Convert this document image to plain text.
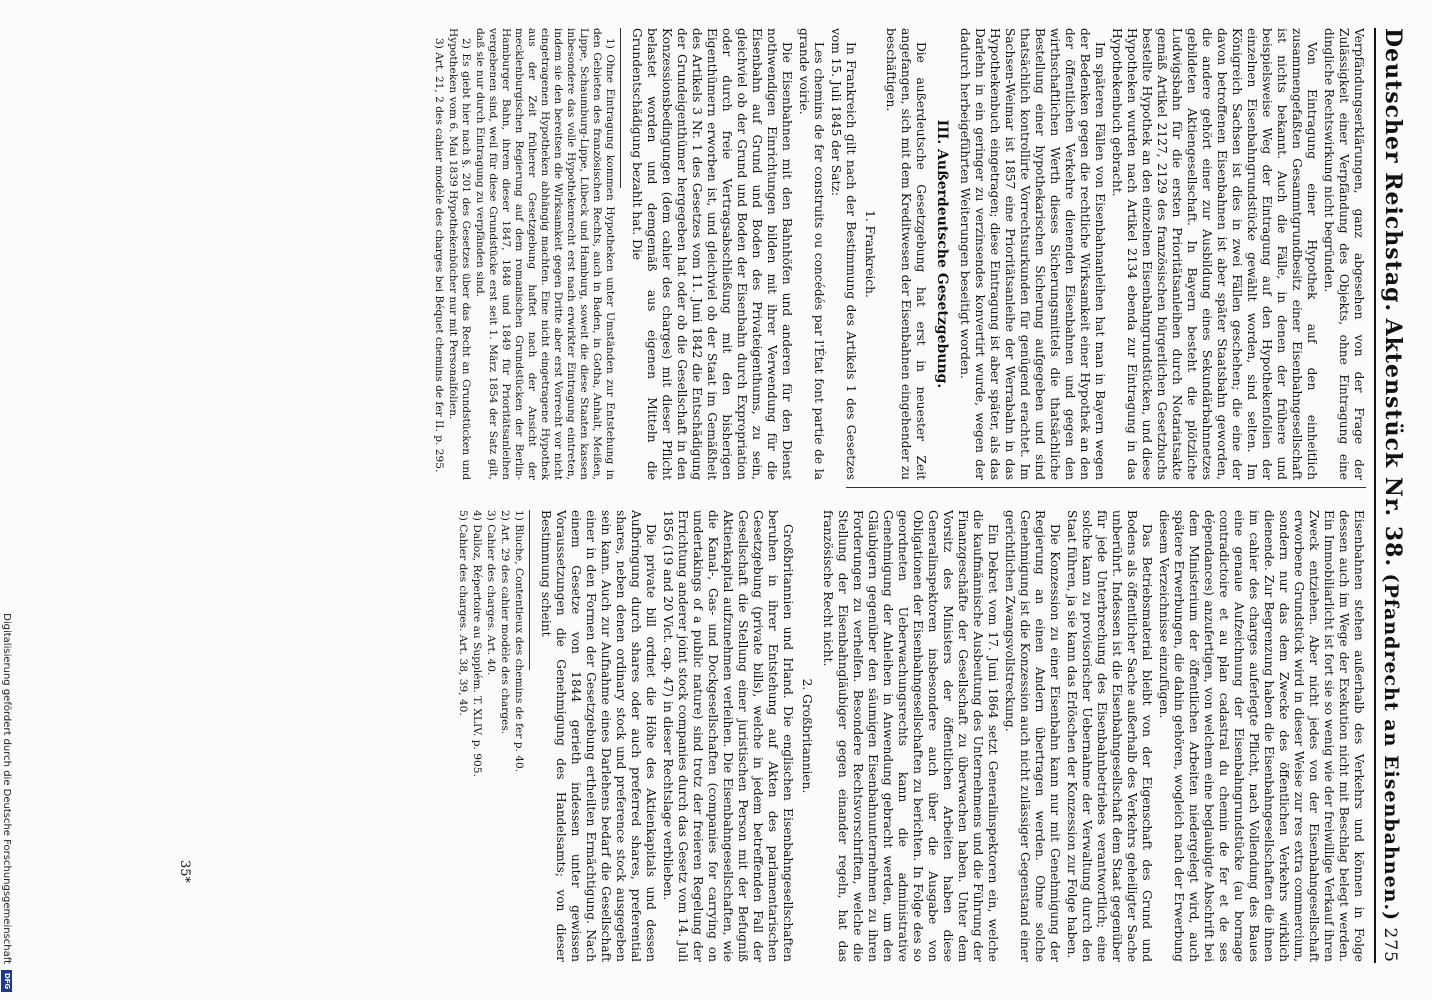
Deutscher Reichstag.
Aktenstück Nr. 38.
(Pfandrecht an Eisenbahnen.)
275

Verpfändungserklärungen, ganz abgesehen von der Frage der Zulässigkeit einer Verpfändung des Objekts, ohne Eintragung eine dingliche Rechtswirkung nicht begründen.

Von Eintragung einer Hypothek auf den einheitlich zusammengefaßten Gesammtgrundbesitz einer Eisenbahngesellschaft ist nichts bekannt. Auch die Fälle, in denen der frühere und beispielsweise Weg der Eintragung auf den Hypothekenfolien der einzelnen Eisenbahngrundstücke gewählt worden, sind selten. Im Königreich Sachsen ist dies in zwei Fällen geschehen; die eine der davon betroffenen Eisenbahnen ist aber später Staatsbahn geworden, die andere gehört einer zur Ausbildung eines Sekundärbahnnetzes gebildeten Aktiengesellschaft. In Bayern besteht die plötzliche Ludwigsbahn für die ersten Prioritätsanleihen durch Notariatsakte gemäß Artikel 2127, 2129 des französischen bürgerlichen Gesetzbuchs bestellte Hypothek an den einzelnen Eisenbahngrundstücken, und diese Hypotheken wurden nach Artikel 2134 ebenda zur Eintragung in das Hypothekenbuch gebracht.

Im späteren Fällen von Eisenbahnanleihen hat man in Bayern wegen der Bedenken gegen die rechtliche Wirksamkeit einer Hypothek an den der öffentlichen Verkehre dienenden Eisenbahnen und gegen den wirthschaftlichen Werth dieses Sicherungsmittels die thatsächliche Bestellung einer hypothekarischen Sicherung aufgegeben und sind thatsächlich kontrollirte Vorrechtsurkunden für genügend erachtet. Im Sachsen-Weimar ist 1857 eine Prioritätsanleihe der Werrabahn in das Hypothekenbuch eingetragen; diese Eintragung ist aber später, als das Darlehn in ein geringer zu verzinsendes konvertirt wurde, wegen der dadurch herbeigeführten Weiterungen beseitigt worden.

III. Außerdeutsche Gesetzgebung.

Die außerdeutsche Gesetzgebung hat erst in neuester Zeit angefangen, sich mit dem Kreditwesen der Eisenbahnen eingehender zu beschäftigen.

1. Frankreich.

In Frankreich gilt nach der Bestimmung des Artikels 1 des Gesetzes vom 15. Juli 1845 der Satz:

Les chemins de fer construits ou concédés par l'État font partie de la grande voirie.

Die Eisenbahnen mit den Bahnhöfen und anderen für den Dienst nothwendigen Einrichtungen bilden mit ihrer Verwendung für die Eisenbahn auf Grund und Boden des Privateigenthums, zu sein, gleichviel ob der Grund und Boden der Eisenbahn durch Expropriation oder durch freie Vertragsabschließung mit den bisherigen Eigenthümern erworben ist, und gleichviel ob der Staat im Gemäßheit des Artikels 3 Nr. 1 des Gesetzes vom 11. Juni 1842 die Entschädigung der Grundeigenthümer hergegeben hat oder ob die Gesellschaft in den Konzessionsbedingungen (dem cahier des charges) mit dieser Pflicht belastet worden und demgemäß aus eigenen Mitteln die Grundentschädigung bezahlt hat. Die

1) Ohne Eintragung kommen Hypotheken unter Umständen zur Entstehung in den Gebieten des französischen Rechts, auch in Baden, in Gotha, Anhalt, Meißen, Lippe, Schaumburg-Lippe, Lübeck und Hamburg, soweit die diese Staaten kassen inbesondere das volle Hypothekenrecht erst nach erwirkter Eintragung eintreten, indem sie den bereitsen die Wirksamkeit gegen Dritte aber erst Vorrecht vor nicht eingetragenen Hypotheken abhängig machten. Eine nicht eingetragene Hypothek aus der Zeit früherer Gesetzgebung haftet nach der Ansicht der mecklenburgischen Regierung auf dem romanischen Grundstücken der Berlin-Hamburger Bahn, ihrem dieser 1847, 1848 und 1849 für Prioritätsanleihen vergebenen sind, weil für diese Grundstücke erst seit 1. März 1854 der Satz gilt, daß sie nur durch Eintragung zu verpfänden sind.

2) Es giebt hier nach §. 201 des Gesetzes über das Recht an Grundstücken und Hypotheken vom 6. Mai 1839 Hypothekenbücher nur mit Personalfolien.

3) Art. 21, 2 des cahier modèle des charges bei Béquet chemins de fer II. p. 295.

Eisenbahnen stehen außerhalb des Verkehrs und können in Folge dessen auch im Wege der Exekution nicht mit Beschlag belegt werden. Ein Immobiliarlicht ist fort sie so wenig wie der freiwillige Verkauf ihren Zweck entziehen. Aber nicht jedes von der Eisenbahngesellschaft erworbene Grundstück wird in dieser Weise zur res extra commercium, sondern nur das dem Zwecke des öffentlichen Verkehrs wirklich dienende. Zur Begrenzung haben die Eisenbahngesellschaften die ihnen im cahier des charges auferlegte Pflicht, nach Vollendung des Baues eine genaue Aufzeichnung der Eisenbahngrundstücke (au bornage contradictoire et au plan cadastral du chemin de fer et de ses dépendances) anzufertigen, von welchem eine beglaubigte Abschrift bei dem Ministerium der öffentlichen Arbeiten niedergelegt wird, auch spätere Erwerbungen, die dahin gehören, wogleich nach der Erwerbung diesem Verzeichnisse einzufügen.

Das Betriebsmaterial bleibt von der Eigenschaft des Grund und Bodens als öffentlicher Sache außerhalb des Verkehrs geheiligter Sache unberührt. Indessen ist die Eisenbahngesellschaft dem Staat gegenüber für jede Unterbrechung des Eisenbahnbetriebes verantwortlich; eine solche kann zu provisorischer Uebernahme der Verwaltung durch den Staat führen, ja sie kann das Erlöschen der Konzession zur Folge haben.

Die Konzession zu einer Eisenbahn kann nur mit Genehmigung der Regierung an einen Andern übertragen werden. Ohne solche Genehmigung ist die Konzession auch nicht zulässiger Gegenstand einer gerichtlichen Zwangsvollstreckung.

Ein Dekret vom 17. Juni 1864 setzt Generalinspektoren ein, welche die kaufmännische Ausbeutung des Unternehmens und die Führung der Finanzgeschäfte der Gesellschaft zu überwachen haben. Unter dem Vorsitz des Ministers der öffentlichen Arbeiten haben diese Generalinspektoren insbesondere auch über die Ausgabe von Obligationen der Eisenbahngesellschaften zu berichten. In Folge des so geordneten Ueberwachungsrechts kann die administrative Genehmigung der Anleihen in Anwendung gebracht werden, um den Gläubigern gegenüber den säumigen Eisenbahnunternehmen zu ihren Forderungen zu verhelfen. Besondere Rechtsvorschriften, welche die Stellung der Eisenbahngläubiger gegen einander regeln, hat das französische Recht nicht.

2. Großbritannien.

Großbritannien und Irland. Die englischen Eisenbahngesellschaften beruhen in ihrer Entstehung auf Akten des parlamentarischen Gesetzgebung (private bills), welche in jedem betreffenden Fall der Gesellschaft die Stellung einer juristischen Person mit der Befugniß Aktienkapital aufzunehmen verleihen. Die Eisenbahngesellschaften, wie die Kanal-, Gas- und Dockgesellschaften (companies for carrying on undertakings of a public nature) sind trotz der freieren Regelung der Errichtung anderer joint stock companies durch das Gesetz vom 14. Juli 1856 (19 and 20 Vict. cap. 47) in dieser Rechtslage verblieben.

Die private bill ordnet die Höhe des Aktienkapitals und dessen Aufbringung durch shares oder auch preferred shares, preferential shares, neben denen ordinary stock und preference stock ausgegeben sein kann. Auch zur Aufnahme eines Darlehens bedarf die Gesellschaft einer in den Formen der Gesetzgebung ertheilten Ermächtigung. Nach einem Gesetze von 1844 gerieth indessen unter gewissen Voraussetzungen die Genehmigung des Handelsamts; von dieser Bestimmung scheint

1) Bluche, Contentieux des chemins de fer p. 40.

2) Art. 29 des cahier modèle des charges.

3) Cahier des charges. Art. 40.

4) Dalloz, Répertoire au Supplém. T. XLIV. p. 905.

5) Cahier des charges. Art. 38, 39, 40.

35*
Digitalisierung gefördert durch die Deutsche Forschungsgemeinschaft
DFG
